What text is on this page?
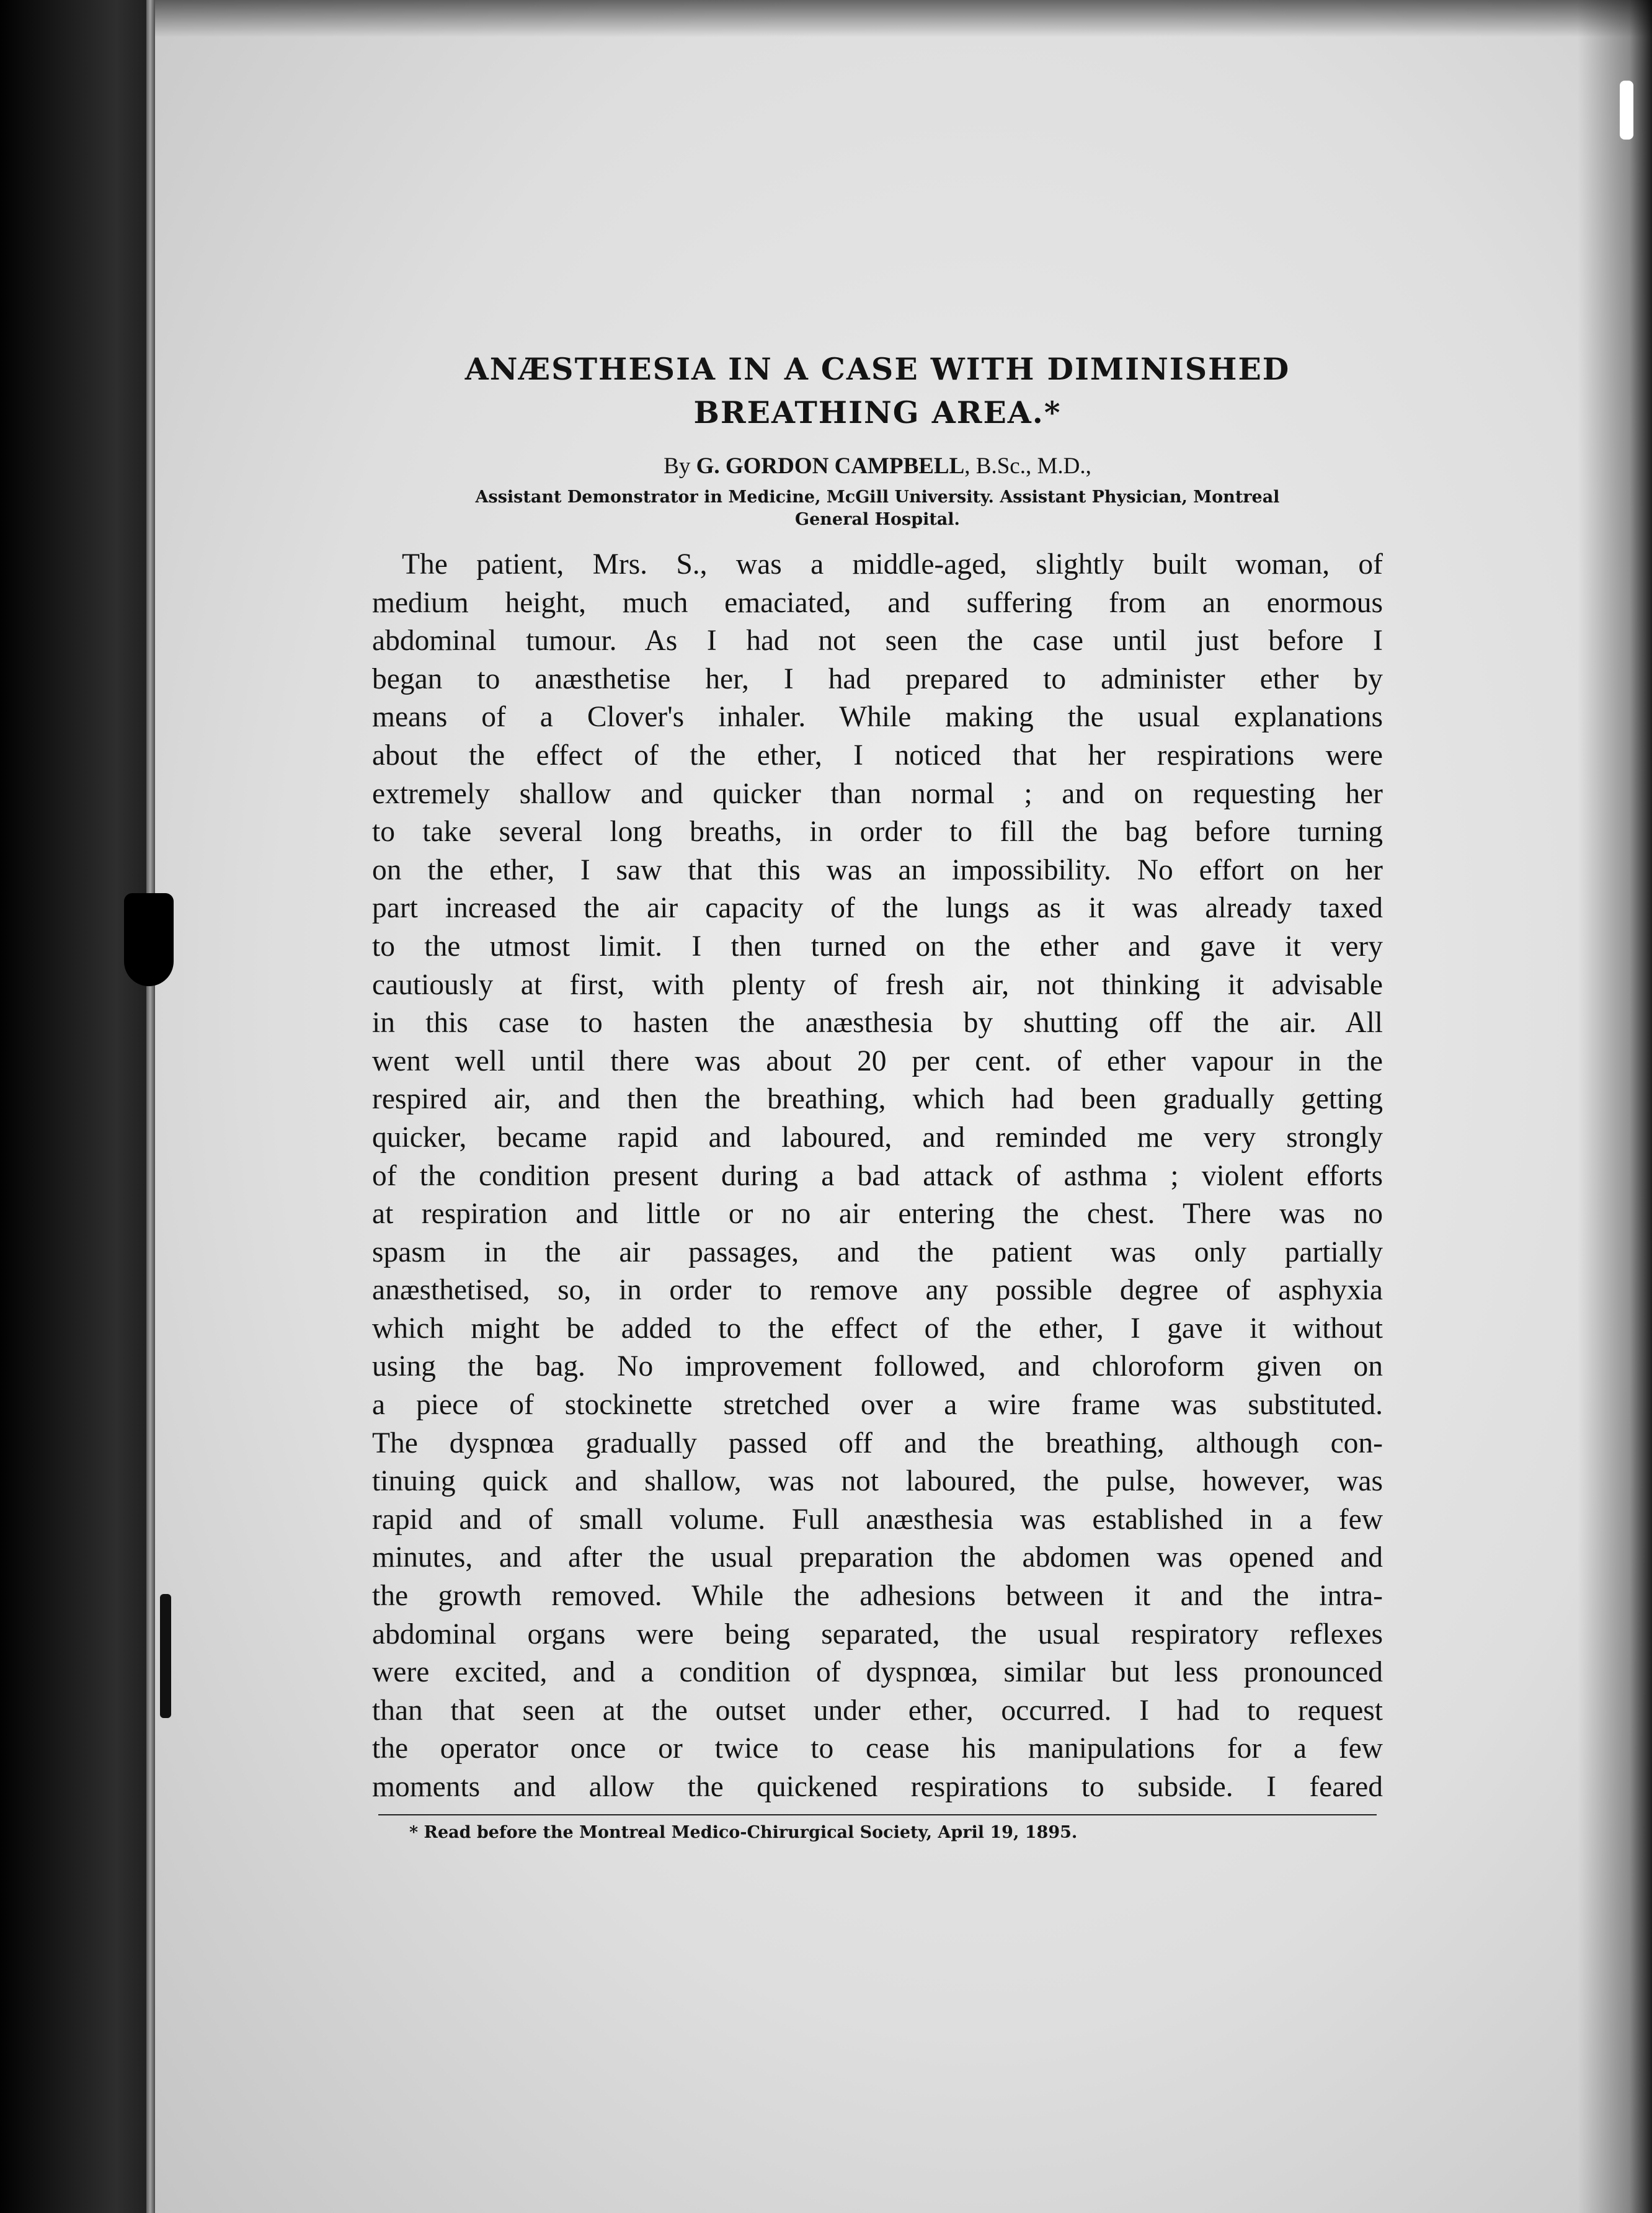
ANÆSTHESIA IN A CASE WITH DIMINISHED
BREATHING AREA.*
By G. GORDON CAMPBELL, B.Sc., M.D.,
Assistant Demonstrator in Medicine, McGill University. Assistant Physician, Montreal
General Hospital.
The patient, Mrs. S., was a middle-aged, slightly built woman, of
medium height, much emaciated, and suffering from an enormous
abdominal tumour. As I had not seen the case until just before I
began to anæsthetise her, I had prepared to administer ether by
means of a Clover's inhaler. While making the usual explanations
about the effect of the ether, I noticed that her respirations were
extremely shallow and quicker than normal ; and on requesting her
to take several long breaths, in order to fill the bag before turning
on the ether, I saw that this was an impossibility. No effort on her
part increased the air capacity of the lungs as it was already taxed
to the utmost limit. I then turned on the ether and gave it very
cautiously at first, with plenty of fresh air, not thinking it advisable
in this case to hasten the anæsthesia by shutting off the air. All
went well until there was about 20 per cent. of ether vapour in the
respired air, and then the breathing, which had been gradually getting
quicker, became rapid and laboured, and reminded me very strongly
of the condition present during a bad attack of asthma ; violent efforts
at respiration and little or no air entering the chest. There was no
spasm in the air passages, and the patient was only partially
anæsthetised, so, in order to remove any possible degree of asphyxia
which might be added to the effect of the ether, I gave it without
using the bag. No improvement followed, and chloroform given on
a piece of stockinette stretched over a wire frame was substituted.
The dyspnœa gradually passed off and the breathing, although con-
tinuing quick and shallow, was not laboured, the pulse, however, was
rapid and of small volume. Full anæsthesia was established in a few
minutes, and after the usual preparation the abdomen was opened and
the growth removed. While the adhesions between it and the intra-
abdominal organs were being separated, the usual respiratory reflexes
were excited, and a condition of dyspnœa, similar but less pronounced
than that seen at the outset under ether, occurred. I had to request
the operator once or twice to cease his manipulations for a few
moments and allow the quickened respirations to subside. I feared
* Read before the Montreal Medico-Chirurgical Society, April 19, 1895.
